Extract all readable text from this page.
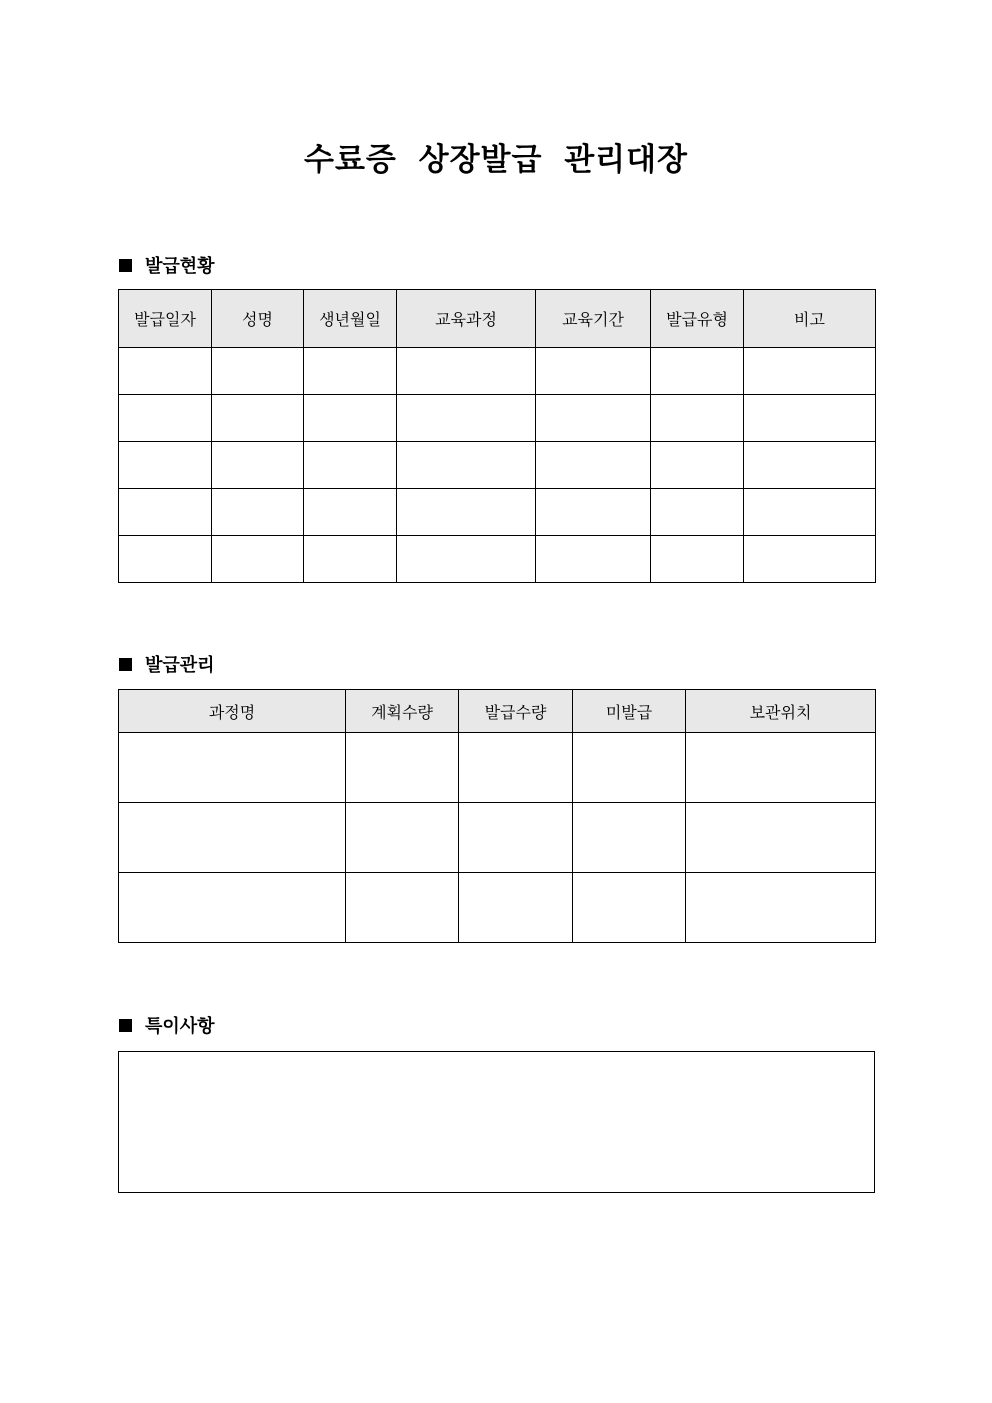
수료증 상장발급 관리대장
발급현황
발급일자	성명	생년월일	교육과정	교육기간	발급유형	비고

발급관리
과정명	계획수량	발급수량	미발급	보관위치

특이사항
